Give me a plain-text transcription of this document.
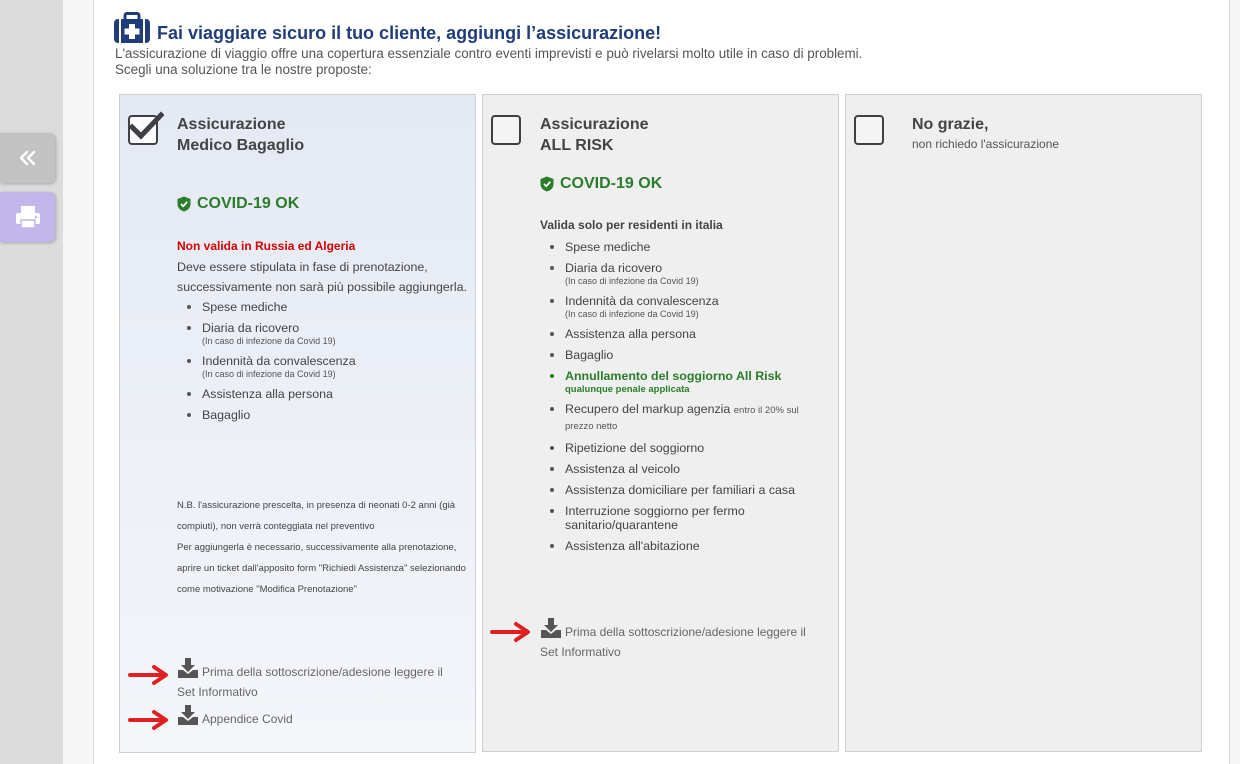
Fai viaggiare sicuro il tuo cliente, aggiungi l’assicurazione!
L'assicurazione di viaggio offre una copertura essenziale contro eventi imprevisti e può rivelarsi molto utile in caso di problemi.
Scegli una soluzione tra le nostre proposte:
Assicurazione
Medico Bagaglio
COVID-19 OK
Non valida in Russia ed Algeria
Deve essere stipulata in fase di prenotazione, successivamente non sarà più possibile aggiungerla.
Spese mediche
Diaria da ricovero
(In caso di infezione da Covid 19)
Indennità da convalescenza
(In caso di infezione da Covid 19)
Assistenza alla persona
Bagaglio
N.B. l'assicurazione prescelta, in presenza di neonati 0-2 anni (già compiuti), non verrà conteggiata nel preventivo
Per aggiungerla è necessario, successivamente alla prenotazione, aprire un ticket dall'apposito form "Richiedi Assistenza" selezionando come motivazione "Modifica Prenotazione"
Prima della sottoscrizione/adesione leggere il Set Informativo
Appendice Covid
Assicurazione
ALL RISK
COVID-19 OK
Valida solo per residenti in italia
Spese mediche
Diaria da ricovero
(In caso di infezione da Covid 19)
Indennità da convalescenza
(In caso di infezione da Covid 19)
Assistenza alla persona
Bagaglio
Annullamento del soggiorno All Risk
qualunque penale applicata
Recupero del markup agenzia entro il 20% sul prezzo netto
Ripetizione del soggiorno
Assistenza al veicolo
Assistenza domiciliare per familiari a casa
Interruzione soggiorno per fermo sanitario/quarantene
Assistenza all'abitazione
Prima della sottoscrizione/adesione leggere il Set Informativo
No grazie,
non richiedo l'assicurazione
